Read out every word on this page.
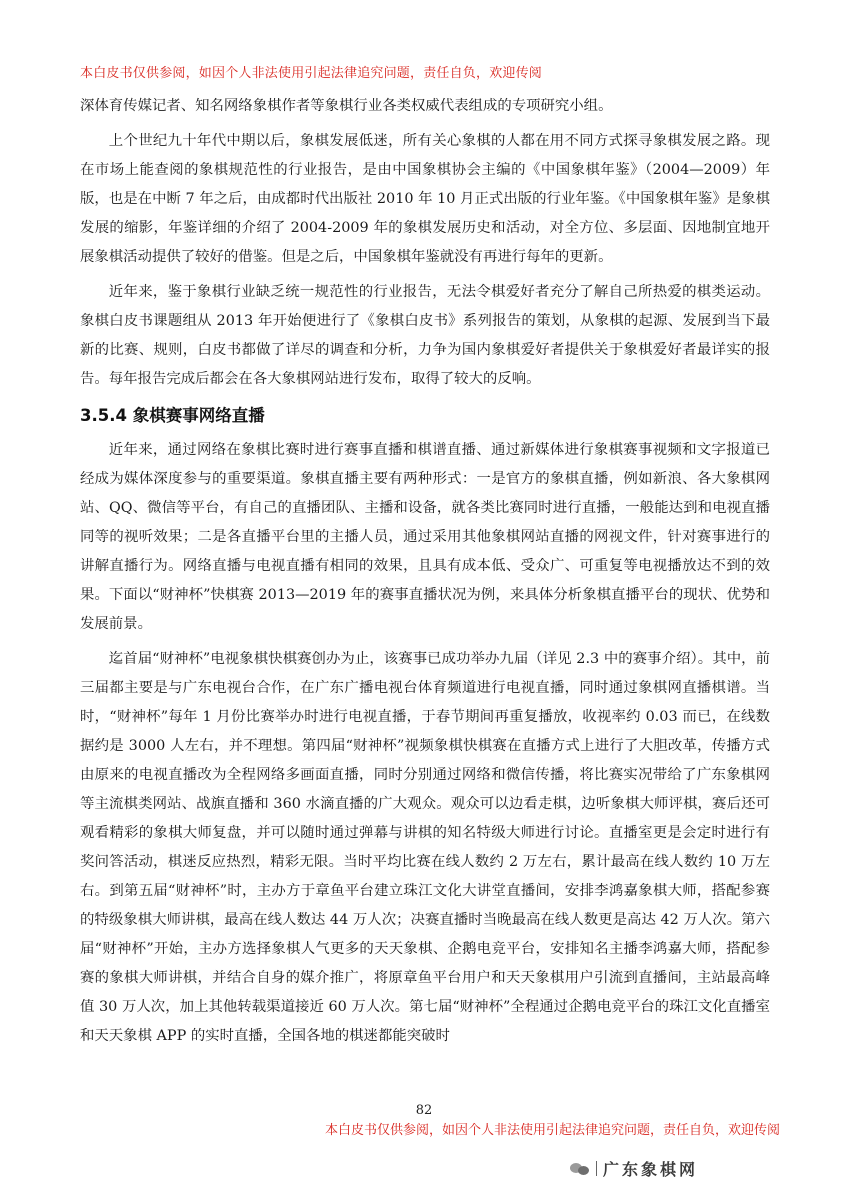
本白皮书仅供参阅，如因个人非法使用引起法律追究问题，责任自负，欢迎传阅

深体育传媒记者、知名网络象棋作者等象棋行业各类权威代表组成的专项研究小组。

上个世纪九十年代中期以后，象棋发展低迷，所有关心象棋的人都在用不同方式探寻象棋发展之路。现在市场上能查阅的象棋规范性的行业报告，是由中国象棋协会主编的《中国象棋年鉴》（2004—2009）年版，也是在中断 7 年之后，由成都时代出版社 2010 年 10 月正式出版的行业年鉴。《中国象棋年鉴》是象棋发展的缩影，年鉴详细的介绍了 2004-2009 年的象棋发展历史和活动，对全方位、多层面、因地制宜地开展象棋活动提供了较好的借鉴。但是之后，中国象棋年鉴就没有再进行每年的更新。

近年来，鉴于象棋行业缺乏统一规范性的行业报告，无法令棋爱好者充分了解自己所热爱的棋类运动。象棋白皮书课题组从 2013 年开始便进行了《象棋白皮书》系列报告的策划，从象棋的起源、发展到当下最新的比赛、规则，白皮书都做了详尽的调查和分析，力争为国内象棋爱好者提供关于象棋爱好者最详实的报告。每年报告完成后都会在各大象棋网站进行发布，取得了较大的反响。

3.5.4 象棋赛事网络直播

近年来，通过网络在象棋比赛时进行赛事直播和棋谱直播、通过新媒体进行象棋赛事视频和文字报道已经成为媒体深度参与的重要渠道。象棋直播主要有两种形式：一是官方的象棋直播，例如新浪、各大象棋网站、QQ、微信等平台，有自己的直播团队、主播和设备，就各类比赛同时进行直播，一般能达到和电视直播同等的视听效果；二是各直播平台里的主播人员，通过采用其他象棋网站直播的网视文件，针对赛事进行的讲解直播行为。网络直播与电视直播有相同的效果，且具有成本低、受众广、可重复等电视播放达不到的效果。下面以“财神杯”快棋赛 2013—2019 年的赛事直播状况为例，来具体分析象棋直播平台的现状、优势和发展前景。

迄首届“财神杯”电视象棋快棋赛创办为止，该赛事已成功举办九届（详见 2.3 中的赛事介绍）。其中，前三届都主要是与广东电视台合作，在广东广播电视台体育频道进行电视直播，同时通过象棋网直播棋谱。当时，“财神杯”每年 1 月份比赛举办时进行电视直播，于春节期间再重复播放，收视率约 0.03 而已，在线数据约是 3000 人左右，并不理想。第四届“财神杯”视频象棋快棋赛在直播方式上进行了大胆改革，传播方式由原来的电视直播改为全程网络多画面直播，同时分别通过网络和微信传播，将比赛实况带给了广东象棋网等主流棋类网站、战旗直播和 360 水滴直播的广大观众。观众可以边看走棋，边听象棋大师评棋，赛后还可观看精彩的象棋大师复盘，并可以随时通过弹幕与讲棋的知名特级大师进行讨论。直播室更是会定时进行有奖问答活动，棋迷反应热烈，精彩无限。当时平均比赛在线人数约 2 万左右，累计最高在线人数约 10 万左右。到第五届“财神杯”时，主办方于章鱼平台建立珠江文化大讲堂直播间，安排李鸿嘉象棋大师，搭配参赛的特级象棋大师讲棋，最高在线人数达 44 万人次；决赛直播时当晚最高在线人数更是高达 42 万人次。第六届“财神杯”开始，主办方选择象棋人气更多的天天象棋、企鹅电竞平台，安排知名主播李鸿嘉大师，搭配参赛的象棋大师讲棋，并结合自身的媒介推广，将原章鱼平台用户和天天象棋用户引流到直播间，主站最高峰值 30 万人次，加上其他转载渠道接近 60 万人次。第七届“财神杯”全程通过企鹅电竞平台的珠江文化直播室和天天象棋 APP 的实时直播，全国各地的棋迷都能突破时

82
本白皮书仅供参阅，如因个人非法使用引起法律追究问题，责任自负，欢迎传阅
广东象棋网
